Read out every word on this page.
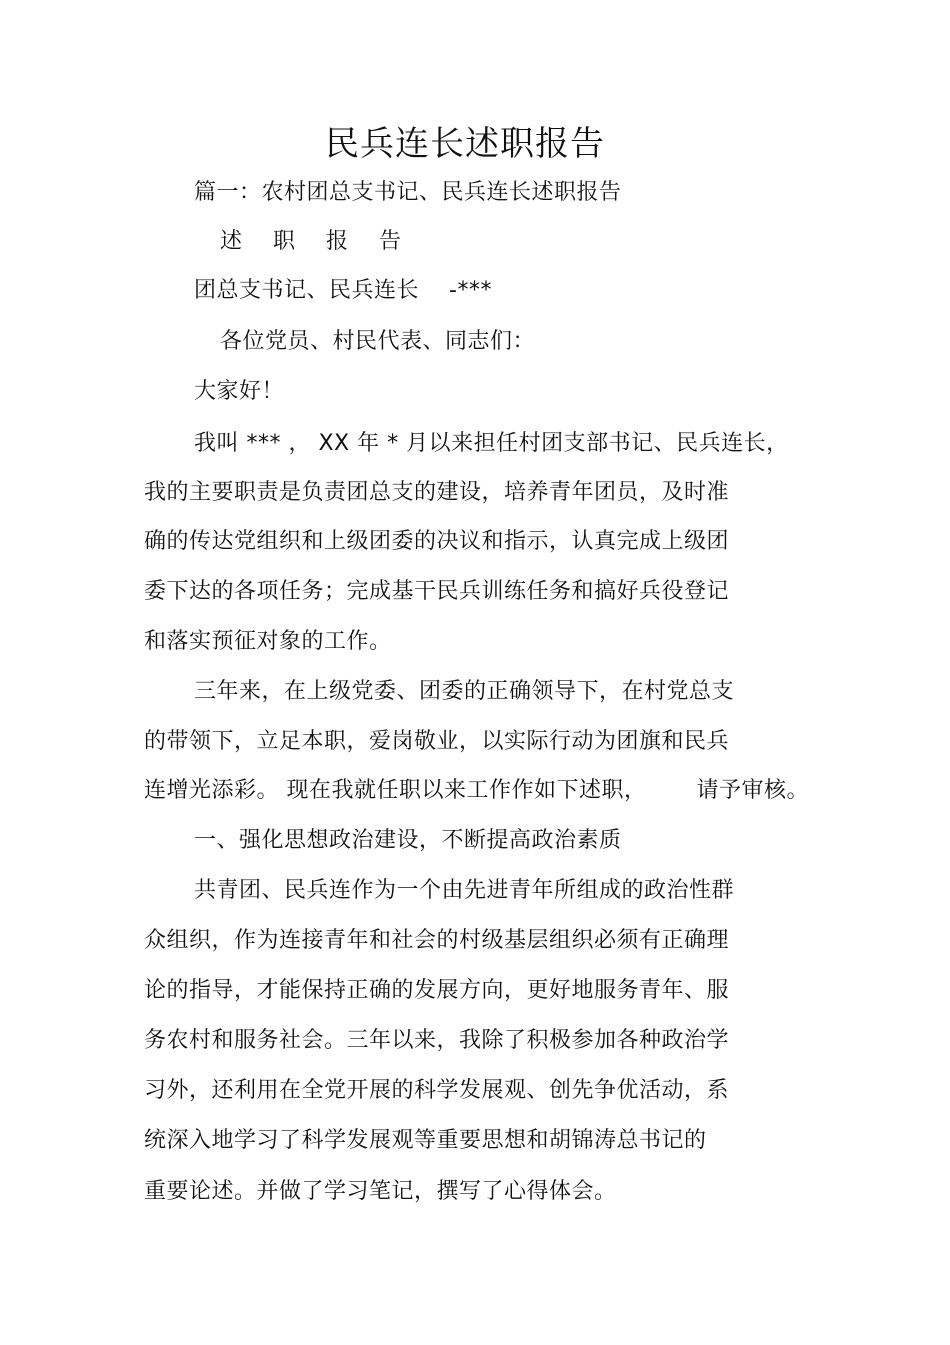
民兵连长述职报告
篇一：农村团总支书记、民兵连长述职报告
述 职 报 告
团总支书记、民兵连长 -***
各位党员、村民代表、同志们：
大家好！
我叫 *** ， XX 年 * 月以来担任村团支部书记、民兵连长，
我的主要职责是负责团总支的建设，培养青年团员，及时准
确的传达党组织和上级团委的决议和指示，认真完成上级团
委下达的各项任务；完成基干民兵训练任务和搞好兵役登记
和落实预征对象的工作。
三年来，在上级党委、团委的正确领导下，在村党总支
的带领下，立足本职，爱岗敬业，以实际行动为团旗和民兵
连增光添彩。 现在我就任职以来工作作如下述职， 请予审核。
一、强化思想政治建设，不断提高政治素质
共青团、民兵连作为一个由先进青年所组成的政治性群
众组织，作为连接青年和社会的村级基层组织必须有正确理
论的指导，才能保持正确的发展方向，更好地服务青年、服
务农村和服务社会。三年以来，我除了积极参加各种政治学
习外，还利用在全党开展的科学发展观、创先争优活动，系
统深入地学习了科学发展观等重要思想和胡锦涛总书记的
重要论述。并做了学习笔记，撰写了心得体会。
